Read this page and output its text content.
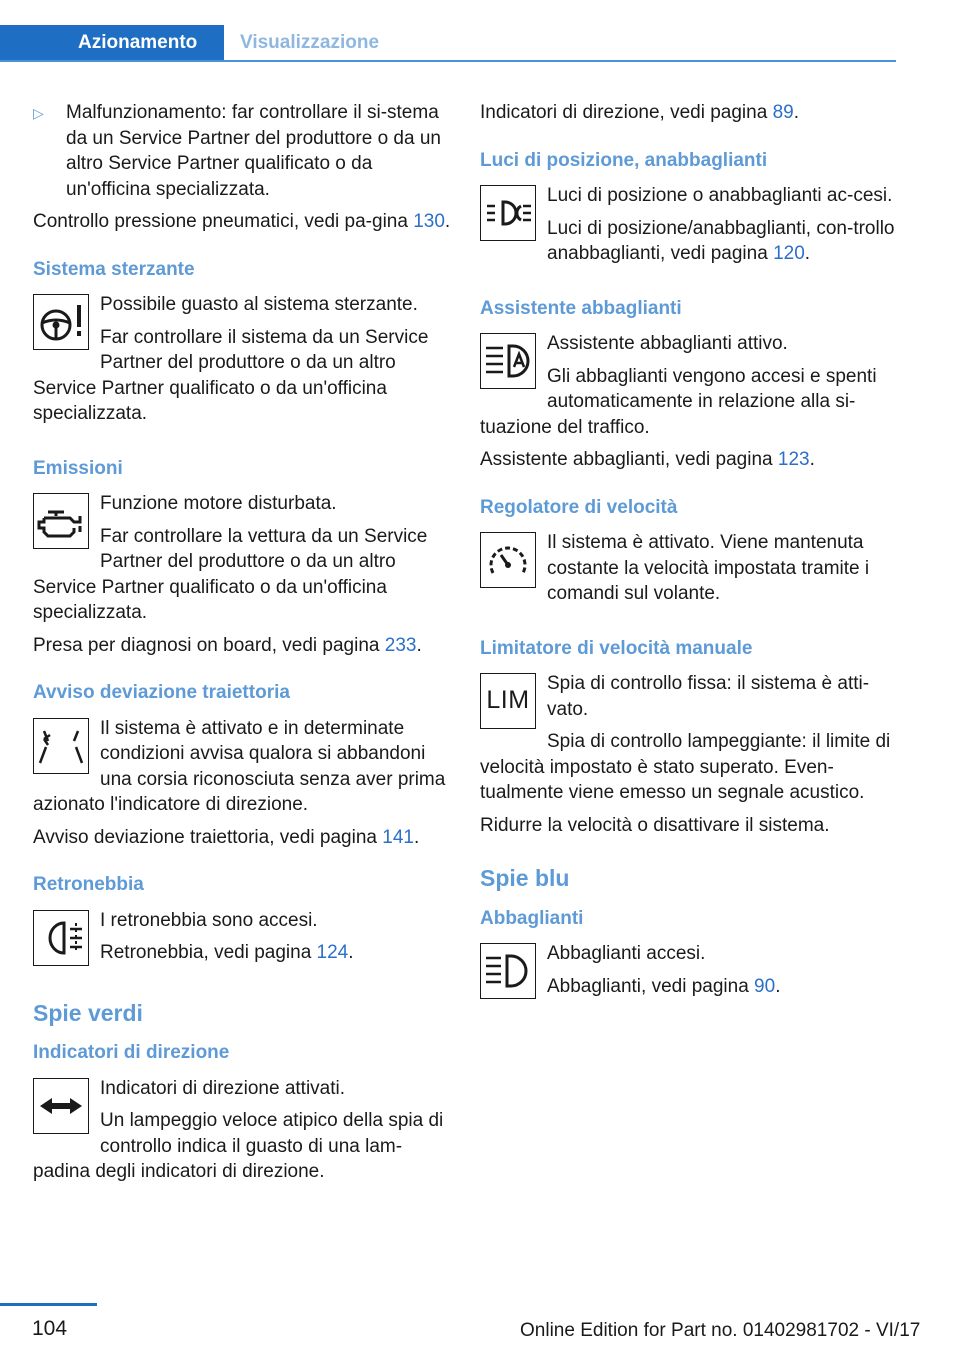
Azionamento	Visualizzazione

▷ Malfunzionamento: far controllare il si‐stema da un Service Partner del produttore o da un altro Service Partner qualificato o da un'officina specializzata.

Controllo pressione pneumatici, vedi pa‐gina 130.

Sistema sterzante

Possibile guasto al sistema sterzante.

Far controllare il sistema da un Service Partner del produttore o da un altro Service Partner qualificato o da un'officina specializzata.

Emissioni

Funzione motore disturbata.

Far controllare la vettura da un Service Partner del produttore o da un altro Service Partner qualificato o da un'officina specializzata.

Presa per diagnosi on board, vedi pagina 233.

Avviso deviazione traiettoria

Il sistema è attivato e in determinate condizioni avvisa qualora si abbandoni una corsia riconosciuta senza aver prima azionato l'indicatore di direzione.

Avviso deviazione traiettoria, vedi pagina 141.

Retronebbia

I retronebbia sono accesi.

Retronebbia, vedi pagina 124.

Spie verdi
Indicatori di direzione

Indicatori di direzione attivati.

Un lampeggio veloce atipico della spia di controllo indica il guasto di una lam‐padina degli indicatori di direzione.

Indicatori di direzione, vedi pagina 89.

Luci di posizione, anabbaglianti

Luci di posizione o anabbaglianti ac‐cesi.

Luci di posizione/anabbaglianti, con‐trollo anabbaglianti, vedi pagina 120.

Assistente abbaglianti

Assistente abbaglianti attivo.

Gli abbaglianti vengono accesi e spenti automaticamente in relazione alla si‐tuazione del traffico.

Assistente abbaglianti, vedi pagina 123.

Regolatore di velocità

Il sistema è attivato. Viene mantenuta costante la velocità impostata tramite i comandi sul volante.

Limitatore di velocità manuale
LIM

Spia di controllo fissa: il sistema è atti‐vato.

Spia di controllo lampeggiante: il limite di velocità impostato è stato superato. Even‐tualmente viene emesso un segnale acustico.

Ridurre la velocità o disattivare il sistema.

Spie blu
Abbaglianti

Abbaglianti accesi.

Abbaglianti, vedi pagina 90.

104	Online Edition for Part no. 01402981702 - VI/17
